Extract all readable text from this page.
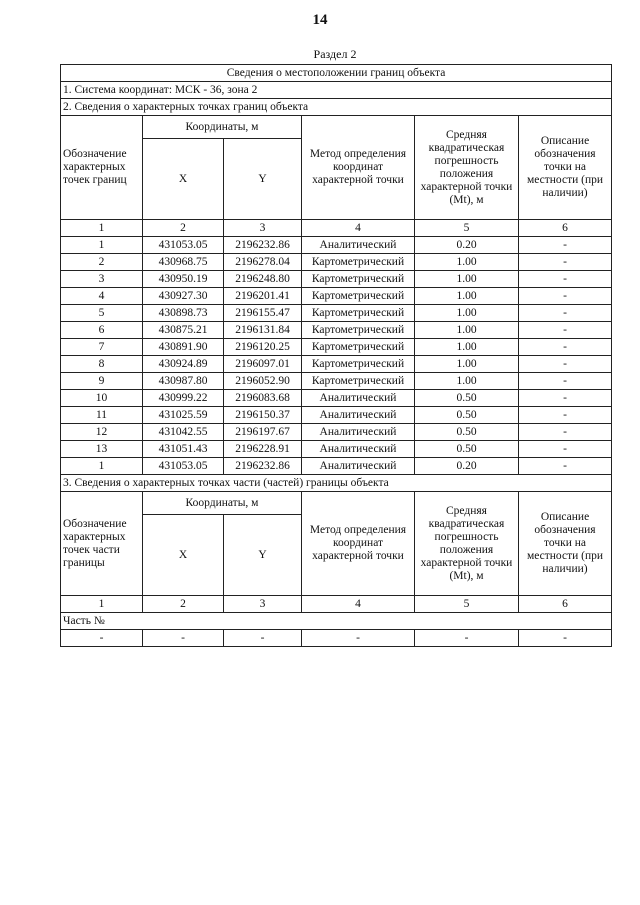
14
Раздел 2
Сведения о местоположении границ объекта					
1. Система координат: МСК - 36, зона 2					
2. Сведения о характерных точках границ объекта					
Обозначение характерных точек границ	Координаты, м		Метод определения координат характерной точки	Средняя квадратическая погрешность положения характерной точки (Mt), м	Описание обозначения точки на местности (при наличии)
	X	Y			
1	2	3	4	5	6
1	431053.05	2196232.86	Аналитический	0.20	-
2	430968.75	2196278.04	Картометрический	1.00	-
3	430950.19	2196248.80	Картометрический	1.00	-
4	430927.30	2196201.41	Картометрический	1.00	-
5	430898.73	2196155.47	Картометрический	1.00	-
6	430875.21	2196131.84	Картометрический	1.00	-
7	430891.90	2196120.25	Картометрический	1.00	-
8	430924.89	2196097.01	Картометрический	1.00	-
9	430987.80	2196052.90	Картометрический	1.00	-
10	430999.22	2196083.68	Аналитический	0.50	-
11	431025.59	2196150.37	Аналитический	0.50	-
12	431042.55	2196197.67	Аналитический	0.50	-
13	431051.43	2196228.91	Аналитический	0.50	-
1	431053.05	2196232.86	Аналитический	0.20	-
3. Сведения о характерных точках части (частей) границы объекта					
Обозначение характерных точек части границы	Координаты, м		Метод определения координат характерной точки	Средняя квадратическая погрешность положения характерной точки (Mt), м	Описание обозначения точки на местности (при наличии)
	X	Y			
1	2	3	4	5	6
Часть №					
-	-	-	-	-	-
